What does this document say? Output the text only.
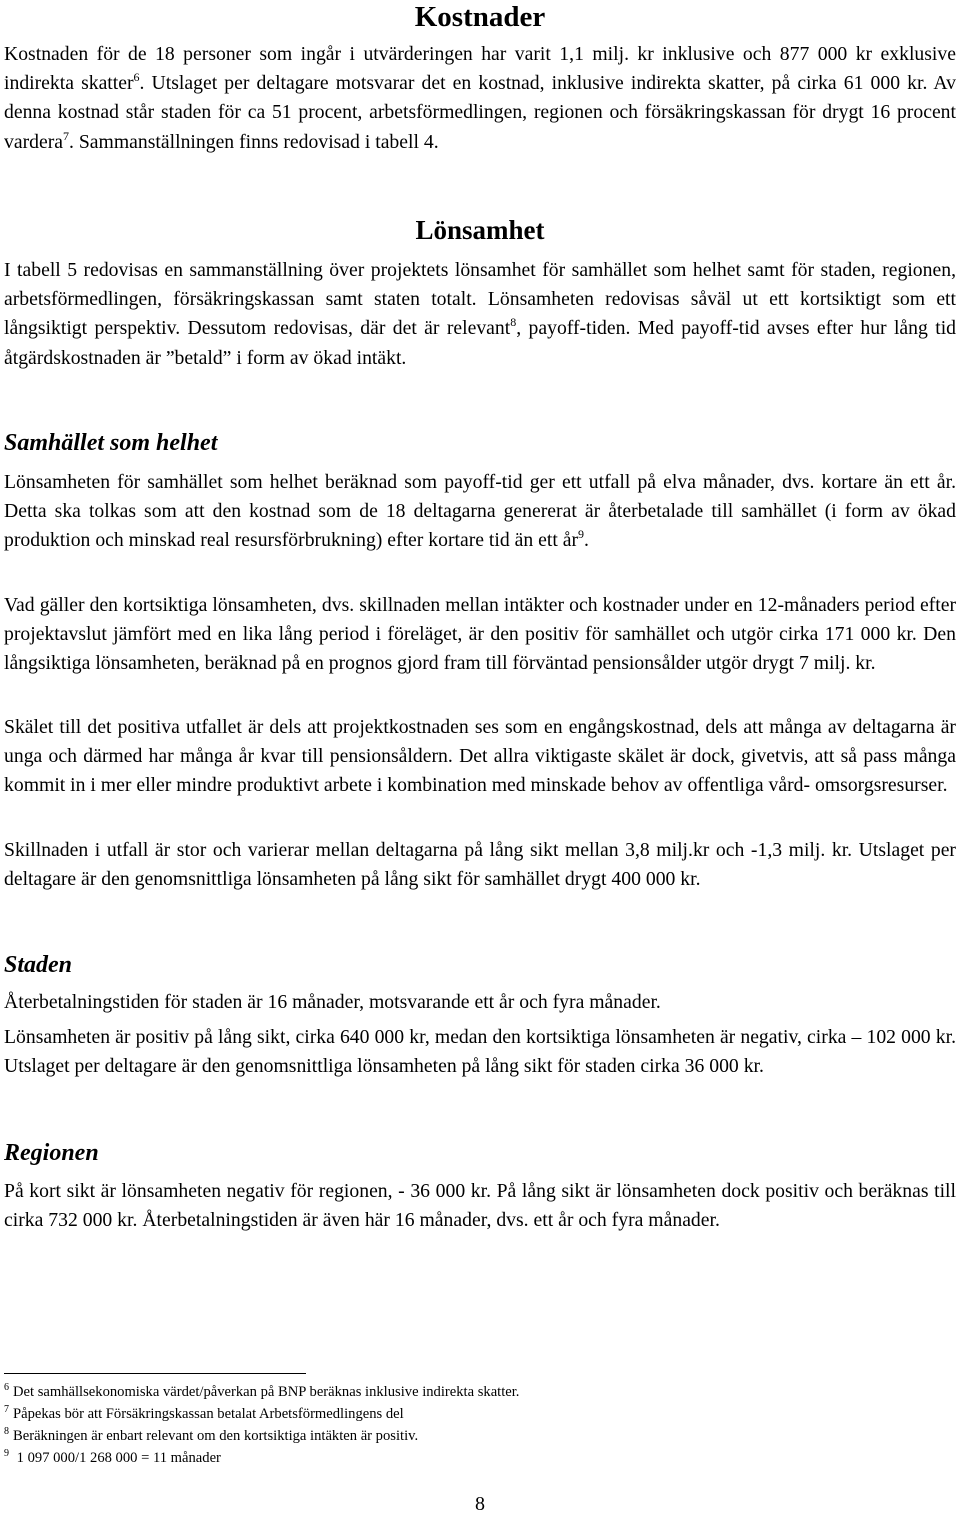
Kostnader

Kostnaden för de 18 personer som ingår i utvärderingen har varit 1,1 milj. kr inklusive och 877 000 kr exklusive indirekta skatter$^6$. Utslaget per deltagare motsvarar det en kostnad, inklusive indirekta skatter, på cirka 61 000 kr. Av denna kostnad står staden för ca 51 procent, arbetsförmedlingen, regionen och försäkringskassan för drygt 16 procent vardera$^7$. Sammanställningen finns redovisad i tabell 4.

Lönsamhet

I tabell 5 redovisas en sammanställning över projektets lönsamhet för samhället som helhet samt för staden, regionen, arbetsförmedlingen, försäkringskassan samt staten totalt. Lönsamheten redovisas såväl ut ett kortsiktigt som ett långsiktigt perspektiv. Dessutom redovisas, där det är relevant$^8$, payoff-tiden. Med payoff-tid avses efter hur lång tid åtgärdskostnaden är ”betald” i form av ökad intäkt.

Samhället som helhet

Lönsamheten för samhället som helhet beräknad som payoff-tid ger ett utfall på elva månader, dvs. kortare än ett år. Detta ska tolkas som att den kostnad som de 18 deltagarna genererat är återbetalade till samhället (i form av ökad produktion och minskad real resursförbrukning) efter kortare tid än ett $år^9$.

Vad gäller den kortsiktiga lönsamheten, dvs. skillnaden mellan intäkter och kostnader under en 12-månaders period efter projektavslut jämfört med en lika lång period i föreläget, är den positiv för samhället och utgör cirka 171 000 kr. Den långsiktiga lönsamheten, beräknad på en prognos gjord fram till förväntad pensionsålder utgör drygt 7 milj. kr.

Skälet till det positiva utfallet är dels att projektkostnaden ses som en engångskostnad, dels att många av deltagarna är unga och därmed har många år kvar till pensionsåldern. Det allra viktigaste skälet är dock, givetvis, att så pass många kommit in i mer eller mindre produktivt arbete i kombination med minskade behov av offentliga vård- omsorgsresurser.

Skillnaden i utfall är stor och varierar mellan deltagarna på lång sikt mellan 3,8 milj.kr och -1,3 milj. kr. Utslaget per deltagare är den genomsnittliga lönsamheten på lång sikt för samhället drygt 400 000 kr.

Staden

Återbetalningstiden för staden är 16 månader, motsvarande ett år och fyra månader.

Lönsamheten är positiv på lång sikt, cirka 640 000 kr, medan den kortsiktiga lönsamheten är negativ, cirka – 102 000 kr. Utslaget per deltagare är den genomsnittliga lönsamheten på lång sikt för staden cirka 36 000 kr.

Regionen

På kort sikt är lönsamheten negativ för regionen, - 36 000 kr. På lång sikt är lönsamheten dock positiv och beräknas till cirka 732 000 kr. Återbetalningstiden är även här 16 månader, dvs. ett år och fyra månader.

$^6$ Det samhällsekonomiska värdet/påverkan på BNP beräknas inklusive indirekta skatter.

$^7$ Påpekas bör att Försäkringskassan betalat Arbetsförmedlingens del

$^8$ Beräkningen är enbart relevant om den kortsiktiga intäkten är positiv.

$^9$ 1 097 000/1 268 000 = 11 månader

8
